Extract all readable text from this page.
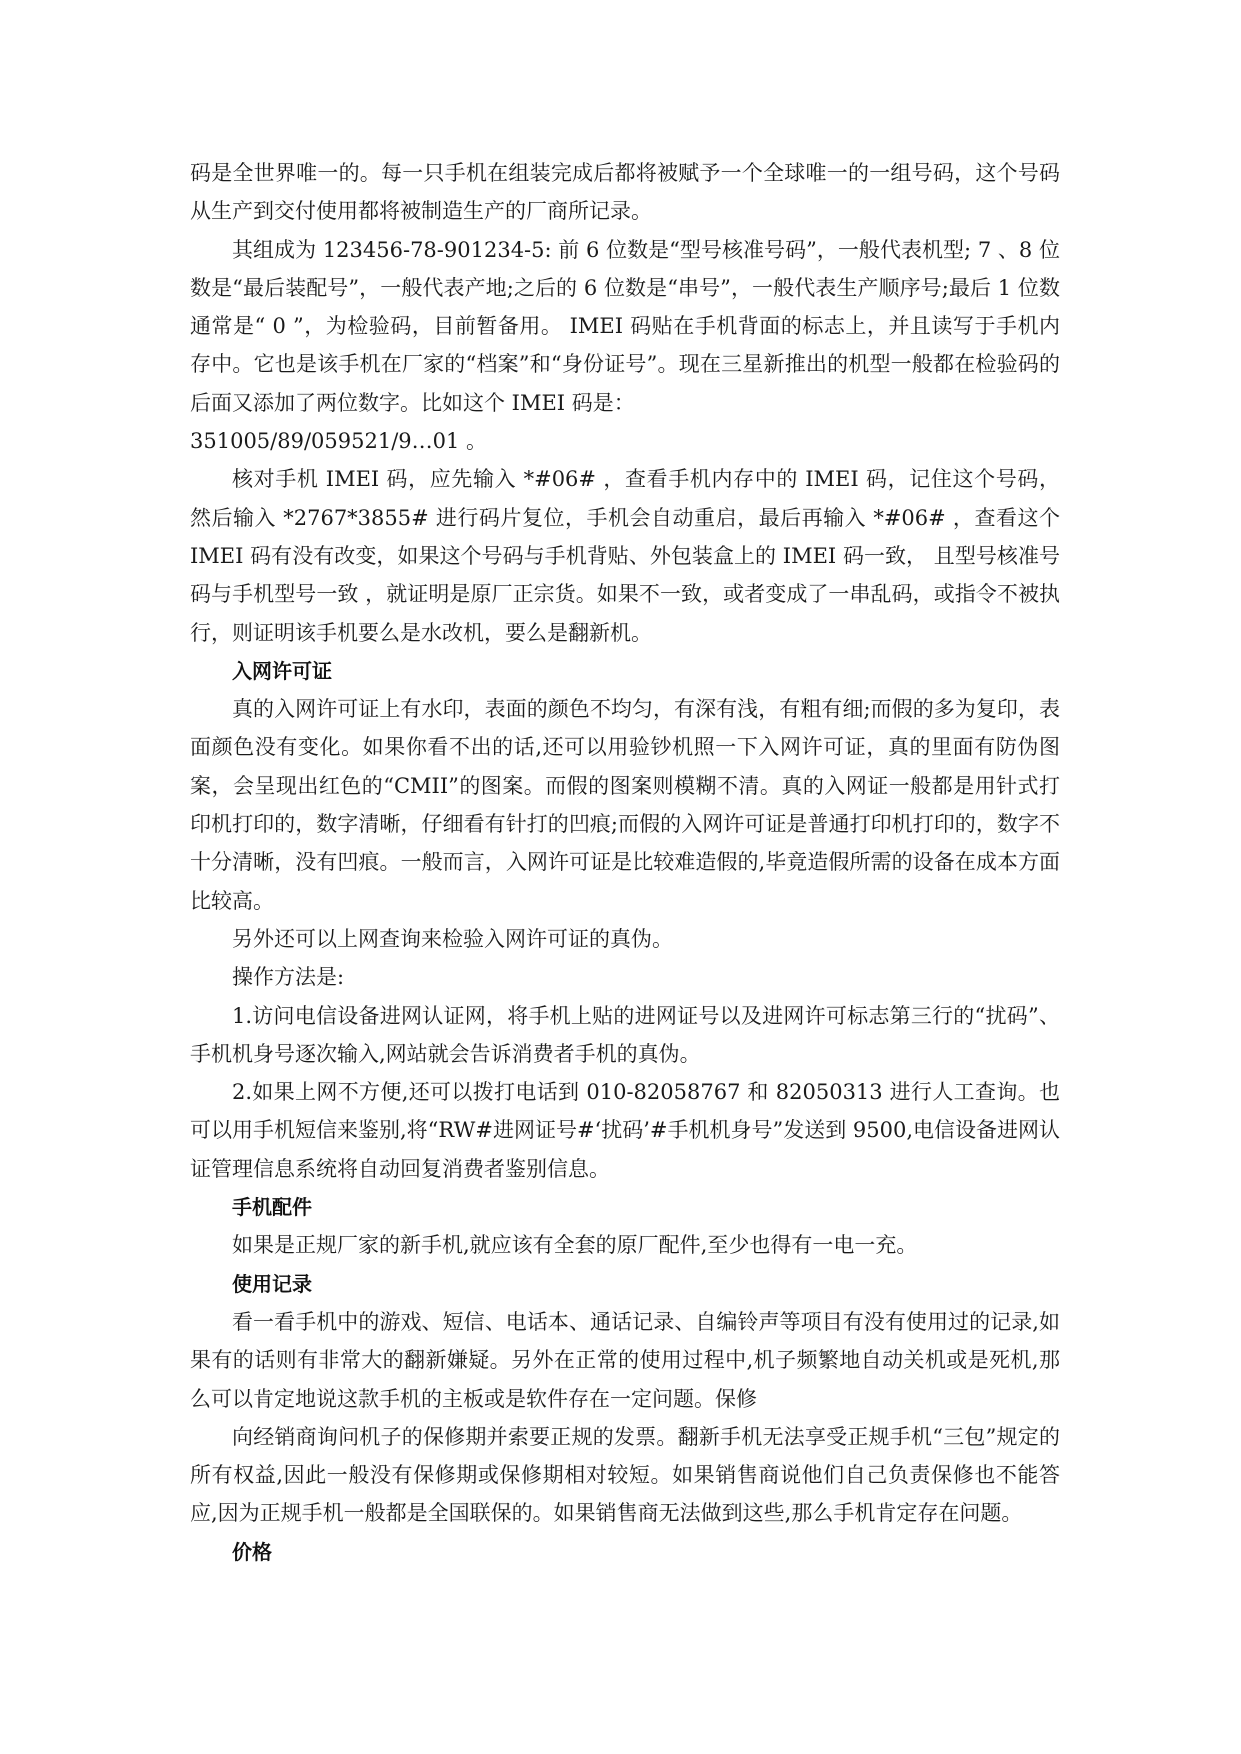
码是全世界唯一的。每一只手机在组装完成后都将被赋予一个全球唯一的一组号码，这个号码从生产到交付使用都将被制造生产的厂商所记录。

其组成为 123456-78-901234-5: 前 6 位数是“型号核准号码”，一般代表机型; 7 、8 位数是“最后装配号”，一般代表产地;之后的 6 位数是“串号”，一般代表生产顺序号;最后 1 位数通常是“ 0 ”，为检验码，目前暂备用。 IMEI 码贴在手机背面的标志上，并且读写于手机内存中。它也是该手机在厂家的“档案”和“身份证号”。现在三星新推出的机型一般都在检验码的后面又添加了两位数字。比如这个 IMEI 码是：

351005/89/059521/9…01 。

核对手机 IMEI 码，应先输入 *#06# ，查看手机内存中的 IMEI 码，记住这个号码，然后输入 *2767*3855# 进行码片复位，手机会自动重启，最后再输入 *#06# ，查看这个 IMEI 码有没有改变，如果这个号码与手机背贴、外包装盒上的 IMEI 码一致， 且型号核准号码与手机型号一致 ，就证明是原厂正宗货。如果不一致，或者变成了一串乱码，或指令不被执行，则证明该手机要么是水改机，要么是翻新机。

入网许可证

真的入网许可证上有水印，表面的颜色不均匀，有深有浅，有粗有细;而假的多为复印，表面颜色没有变化。如果你看不出的话,还可以用验钞机照一下入网许可证，真的里面有防伪图案，会呈现出红色的“CMII”的图案。而假的图案则模糊不清。真的入网证一般都是用针式打印机打印的，数字清晰，仔细看有针打的凹痕;而假的入网许可证是普通打印机打印的，数字不十分清晰，没有凹痕。一般而言，入网许可证是比较难造假的,毕竟造假所需的设备在成本方面比较高。

另外还可以上网查询来检验入网许可证的真伪。

操作方法是:

1.访问电信设备进网认证网，将手机上贴的进网证号以及进网许可标志第三行的“扰码”、手机机身号逐次输入,网站就会告诉消费者手机的真伪。

2.如果上网不方便,还可以拨打电话到 010-82058767 和 82050313 进行人工查询。也可以用手机短信来鉴别,将“RW#进网证号#‘扰码’#手机机身号”发送到 9500,电信设备进网认证管理信息系统将自动回复消费者鉴别信息。

手机配件

如果是正规厂家的新手机,就应该有全套的原厂配件,至少也得有一电一充。

使用记录

看一看手机中的游戏、短信、电话本、通话记录、自编铃声等项目有没有使用过的记录,如果有的话则有非常大的翻新嫌疑。另外在正常的使用过程中,机子频繁地自动关机或是死机,那么可以肯定地说这款手机的主板或是软件存在一定问题。保修

向经销商询问机子的保修期并索要正规的发票。翻新手机无法享受正规手机“三包”规定的所有权益,因此一般没有保修期或保修期相对较短。如果销售商说他们自己负责保修也不能答应,因为正规手机一般都是全国联保的。如果销售商无法做到这些,那么手机肯定存在问题。

价格
